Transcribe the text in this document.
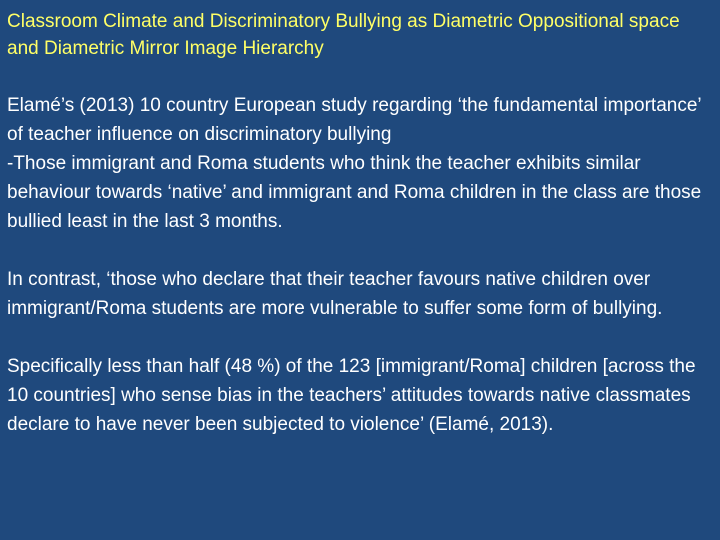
Classroom Climate and Discriminatory Bullying as Diametric Oppositional space and Diametric Mirror Image Hierarchy

Elamé’s (2013) 10 country European study regarding ‘the fundamental importance’ of teacher influence on discriminatory bullying

-Those immigrant and Roma students who think the teacher exhibits similar behaviour towards ‘native’ and immigrant and Roma children in the class are those bullied least in the last 3 months.

In contrast, ‘those who declare that their teacher favours native children over immigrant/Roma students are more vulnerable to suffer some form of bullying.

Specifically less than half (48 %) of the 123 [immigrant/Roma] children [across the 10 countries] who sense bias in the teachers’ attitudes towards native classmates declare to have never been subjected to violence’ (Elamé, 2013).
